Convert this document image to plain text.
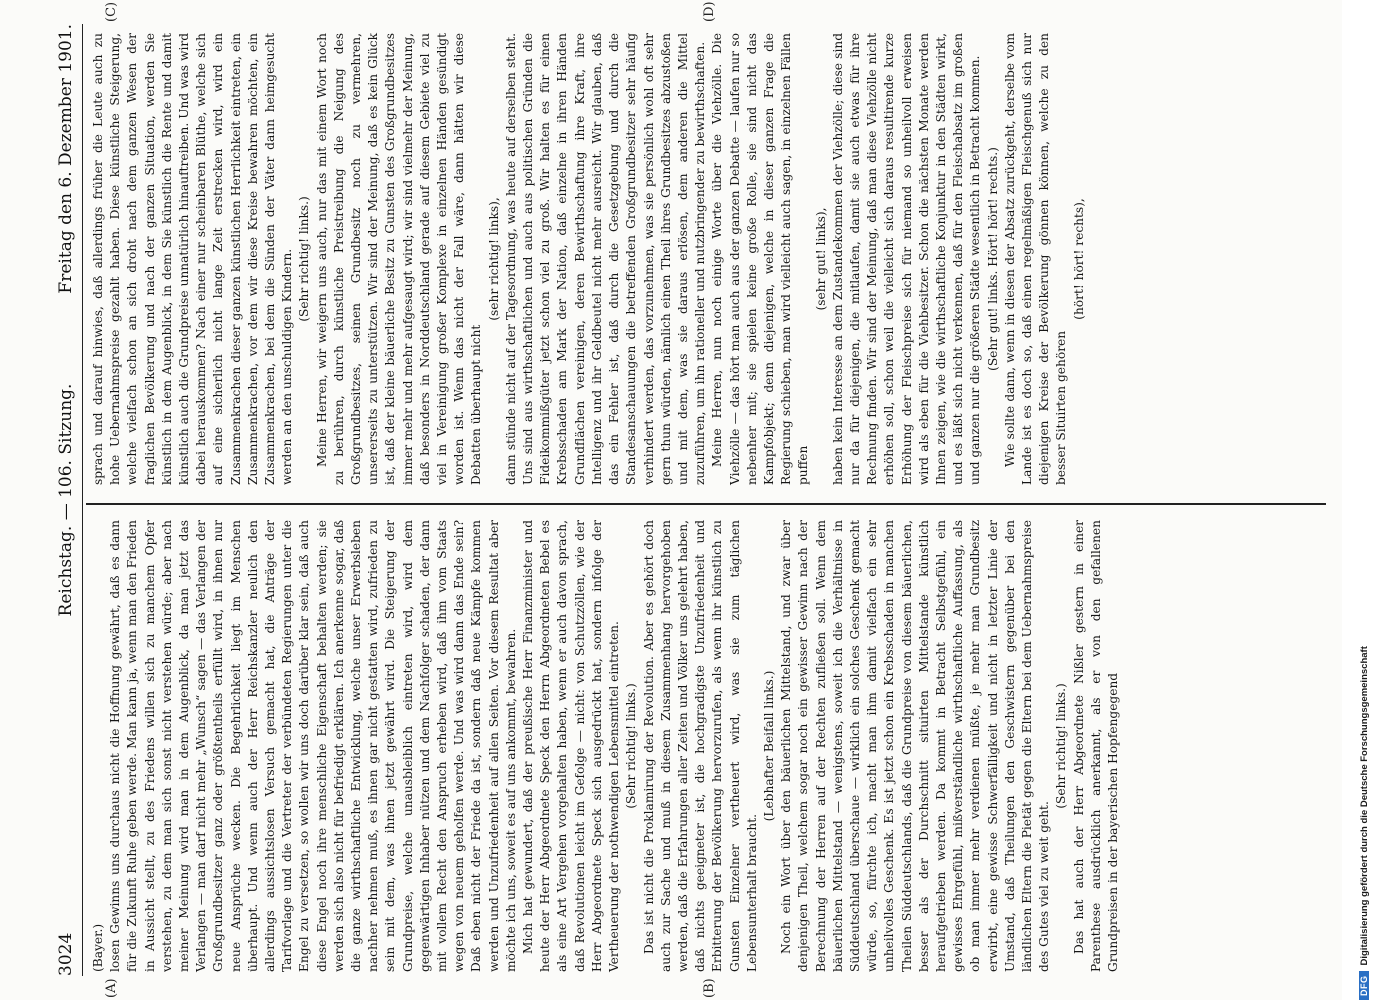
DFG
Digitalisierung gefördert durch die Deutsche Forschungsgemeinschaft
3024
Reichstag. — 106. Sitzung.
Freitag den 6. Dezember 1901.
(A)	(B)
(C)	(D)

(Bayer.) losen Gewinns uns durchaus nicht die Hoffnung gewährt, daß es dann für die Zukunft Ruhe geben werde. Man kann ja, wenn man den Frieden in Aussicht stellt, zu des Friedens willen sich zu manchem Opfer verstehen, zu dem man sich sonst nicht verstehen würde; aber nach meiner Meinung wird man in dem Augenblick, da man jetzt das Verlangen — man darf nicht mehr „Wunsch“ sagen — das Verlangen der Großgrundbesitzer ganz oder größtentheils erfüllt wird, in ihnen nur neue Ansprüche wecken. Die Begehrlichkeit liegt im Menschen überhaupt. Und wenn auch der Herr Reichskanzler neulich den allerdings aussichtslosen Versuch gemacht hat, die Anträge der Tarifvorlage und die Vertreter der verbündeten Regierungen unter die Engel zu versetzen, so wollen wir uns doch darüber klar sein, daß auch diese Engel noch ihre menschliche Eigenschaft behalten werden; sie werden sich also nicht für befriedigt erklären. Ich anerkenne sogar, daß die ganze wirthschaftliche Entwicklung, welche unser Erwerbsleben nachher nehmen muß, es ihnen gar nicht gestatten wird, zufrieden zu sein mit dem, was ihnen jetzt gewährt wird. Die Steigerung der Grundpreise, welche unausbleiblich eintreten wird, wird dem gegenwärtigen Inhaber nützen und dem Nachfolger schaden, der dann mit vollem Recht den Anspruch erheben wird, daß ihm vom Staats wegen von neuem geholfen werde. Und was wird dann das Ende sein? Daß eben nicht der Friede da ist, sondern daß neue Kämpfe kommen werden und Unzufriedenheit auf allen Seiten. Vor diesem Resultat aber möchte ich uns, soweit es auf uns ankommt, bewahren. Mich hat gewundert, daß der preußische Herr Finanzminister und heute der Herr Abgeordnete Speck den Herrn Abgeordneten Bebel es als eine Art Vergehen vorgehalten haben, wenn er auch davon sprach, daß Revolutionen leicht im Gefolge — nicht: von Schutzzöllen, wie der Herr Abgeordnete Speck sich ausgedrückt hat, sondern infolge der Vertheuerung der nothwendigen Lebensmittel eintreten. (Sehr richtig! links.) Das ist nicht die Proklamirung der Revolution. Aber es gehört doch auch zur Sache und muß in diesem Zusammenhang hervorgehoben werden, daß die Erfahrungen aller Zeiten und Völker uns gelehrt haben, daß nichts geeigneter ist, die hochgradigste Unzufriedenheit und Erbitterung der Bevölkerung hervorzurufen, als wenn ihr künstlich zu Gunsten Einzelner vertheuert wird, was sie zum täglichen Lebensunterhalt braucht.

(Lebhafter Beifall links.) Noch ein Wort über den bäuerlichen Mittelstand, und zwar über denjenigen Theil, welchem sogar noch ein gewisser Gewinn nach der Berechnung der Herren auf der Rechten zufließen soll. Wenn dem bäuerlichen Mittelstand — wenigstens, soweit ich die Verhältnisse in Süddeutschland überschaue — wirklich ein solches Geschenk gemacht würde, so, fürchte ich, macht man ihm damit vielfach ein sehr unheilvolles Geschenk. Es ist jetzt schon ein Krebsschaden in manchen Theilen Süddeutschlands, daß die Grundpreise von diesem bäuerlichen, besser als der Durchschnitt situirten Mittelstande künstlich heraufgetrieben werden. Da kommt in Betracht Selbstgefühl, ein gewisses Ehrgefühl, mißverständliche wirthschaftliche Auffassung, als ob man immer mehr verdienen müßte, je mehr man Grundbesitz erwirbt, eine gewisse Schwerfälligkeit und nicht in letzter Linie der Umstand, daß Theilungen den Geschwistern gegenüber bei den ländlichen Eltern die Pietät gegen die Eltern bei dem Uebernahmspreise des Gutes viel zu weit geht.

(Sehr richtig! links.) Das hat auch der Herr Abgeordnete Nißler gestern in einer Parenthese ausdrücklich anerkannt, als er von den gefallenen Grundpreisen in der bayerischen Hopfengegend

sprach und darauf hinwies, daß allerdings früher die Leute auch zu hohe Uebernahmspreise gezahlt haben. Diese künstliche Steigerung, welche vielfach schon an sich droht nach dem ganzen Wesen der fraglichen Bevölkerung und nach der ganzen Situation, werden Sie künstlich in dem Augenblick, in dem Sie künstlich die Rente und damit künstlich auch die Grundpreise unnatürlich hinauftreiben. Und was wird dabei herauskommen? Nach einer nur scheinbaren Blüthe, welche sich auf eine sicherlich nicht lange Zeit erstrecken wird, wird ein Zusammenkrachen dieser ganzen künstlichen Herrlichkeit eintreten, ein Zusammenkrachen, vor dem wir diese Kreise bewahren möchten, ein Zusammenkrachen, bei dem die Sünden der Väter dann heimgesucht werden an den unschuldigen Kindern. (Sehr richtig! links.) Meine Herren, wir weigern uns auch, nur das mit einem Wort noch zu berühren, durch künstliche Preistreibung die Neigung des Großgrundbesitzes, seinen Grundbesitz noch zu vermehren, unsererseits zu unterstützen. Wir sind der Meinung, daß es kein Glück ist, daß der kleine bäuerliche Besitz zu Gunsten des Großgrundbesitzes immer mehr und mehr aufgesaugt wird; wir sind vielmehr der Meinung, daß besonders in Norddeutschland gerade auf diesem Gebiete viel zu viel in Vereinigung großer Komplexe in einzelnen Händen gesündigt worden ist. Wenn das nicht der Fall wäre, dann hätten wir diese Debatten überhaupt nicht

(sehr richtig! links), dann stünde nicht auf der Tagesordnung, was heute auf derselben steht. Uns sind aus wirthschaftlichen und auch aus politischen Gründen die Fideikommißgüter jetzt schon viel zu groß. Wir halten es für einen Krebsschaden am Mark der Nation, daß einzelne in ihren Händen Grundflächen vereinigen, deren Bewirthschaftung ihre Kraft, ihre Intelligenz und ihr Geldbeutel nicht mehr ausreicht. Wir glauben, daß das ein Fehler ist, daß durch die Gesetzgebung und durch die Standesanschauungen die betreffenden Großgrundbesitzer sehr häufig verhindert werden, das vorzunehmen, was sie persönlich wohl oft sehr gern thun würden, nämlich einen Theil ihres Grundbesitzes abzustoßen und mit dem, was sie daraus erlösen, dem anderen die Mittel zuzuführen, um ihn rationeller und nutzbringender zu bewirthschaften. Meine Herren, nun noch einige Worte über die Viehzölle. Die Viehzölle — das hört man auch aus der ganzen Debatte — laufen nur so nebenher mit; sie spielen keine große Rolle, sie sind nicht das Kampfobjekt; denn diejenigen, welche in dieser ganzen Frage die Regierung schieben, man wird vielleicht auch sagen, in einzelnen Fällen puffen

(sehr gut! links), haben kein Interesse an dem Zustandekommen der Viehzölle; diese sind nur da für diejenigen, die mitlaufen, damit sie auch etwas für ihre Rechnung finden. Wir sind der Meinung, daß man diese Viehzölle nicht erhöhen soll, schon weil die vielleicht sich daraus resultirende kurze Erhöhung der Fleischpreise sich für niemand so unheilvoll erweisen wird als eben für die Viehbesitzer. Schon die nächsten Monate werden Ihnen zeigen, wie die wirthschaftliche Konjunktur in den Städten wirkt, und es läßt sich nicht verkennen, daß für den Fleischabsatz im großen und ganzen nur die größeren Städte wesentlich in Betracht kommen. (Sehr gut! links. Hört! hört! rechts.) Wie sollte dann, wenn in diesen der Absatz zurückgeht, derselbe vom Lande ist es doch so, daß einen regelmäßigen Fleischgenuß sich nur diejenigen Kreise der Bevölkerung gönnen können, welche zu den besser Situirten gehören

(hört! hört! rechts),
